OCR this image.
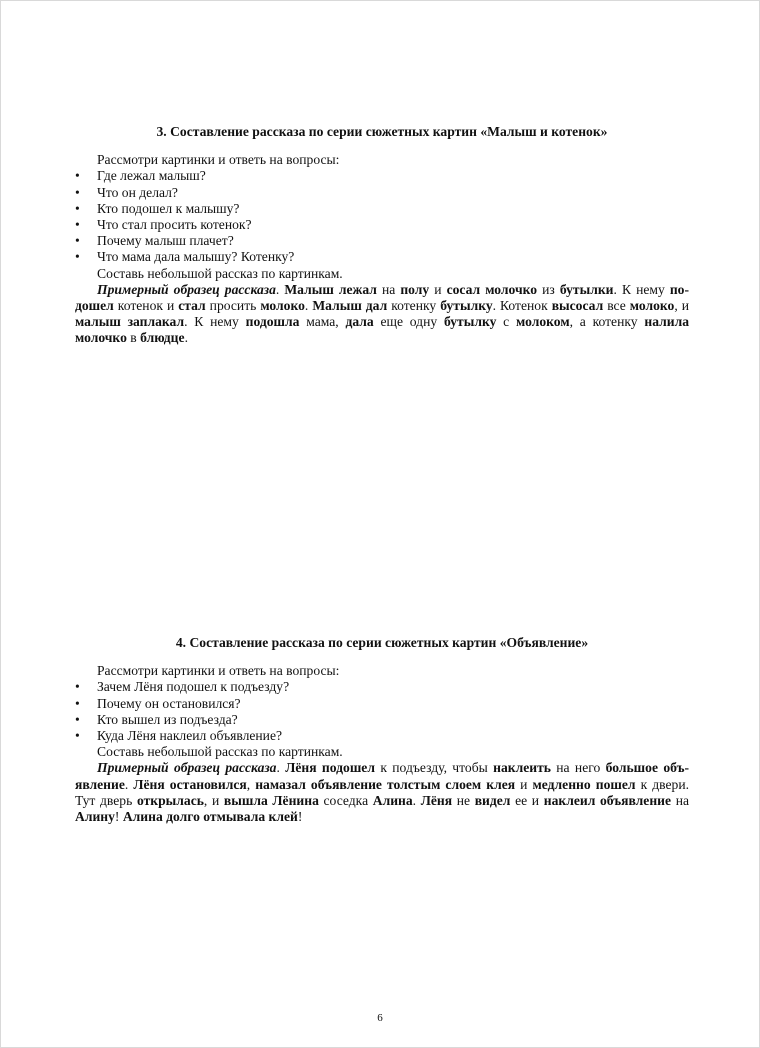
3. Составление рассказа по серии сюжетных картин «Малыш и котенок»

Рассмотри картинки и ответь на вопросы:

• Где лежал малыш?
• Что он делал?
• Кто подошел к малышу?
• Что стал просить котенок?
• Почему малыш плачет?
• Что мама дала малышу? Котенку?

Составь небольшой рассказ по картинкам.

Примерный образец рассказа. Малыш лежал на полу и сосал молочко из бутылки. К нему подошел котенок и стал просить молоко. Малыш дал котенку бутылку. Котенок высосал все молоко, и малыш заплакал. К нему подошла мама, дала еще одну бутылку с молоком, а котенку налила молочко в блюдце.

4. Составление рассказа по серии сюжетных картин «Объявление»

Рассмотри картинки и ответь на вопросы:

• Зачем Лёня подошел к подъезду?
• Почему он остановился?
• Кто вышел из подъезда?
• Куда Лёня наклеил объявление?

Составь небольшой рассказ по картинкам.

Примерный образец рассказа. Лёня подошел к подъезду, чтобы наклеить на него большое объявление. Лёня остановился, намазал объявление толстым слоем клея и медленно пошел к двери. Тут дверь открылась, и вышла Лёнина соседка Алина. Лёня не видел ее и наклеил объявление на Алину! Алина долго отмывала клей!

6
